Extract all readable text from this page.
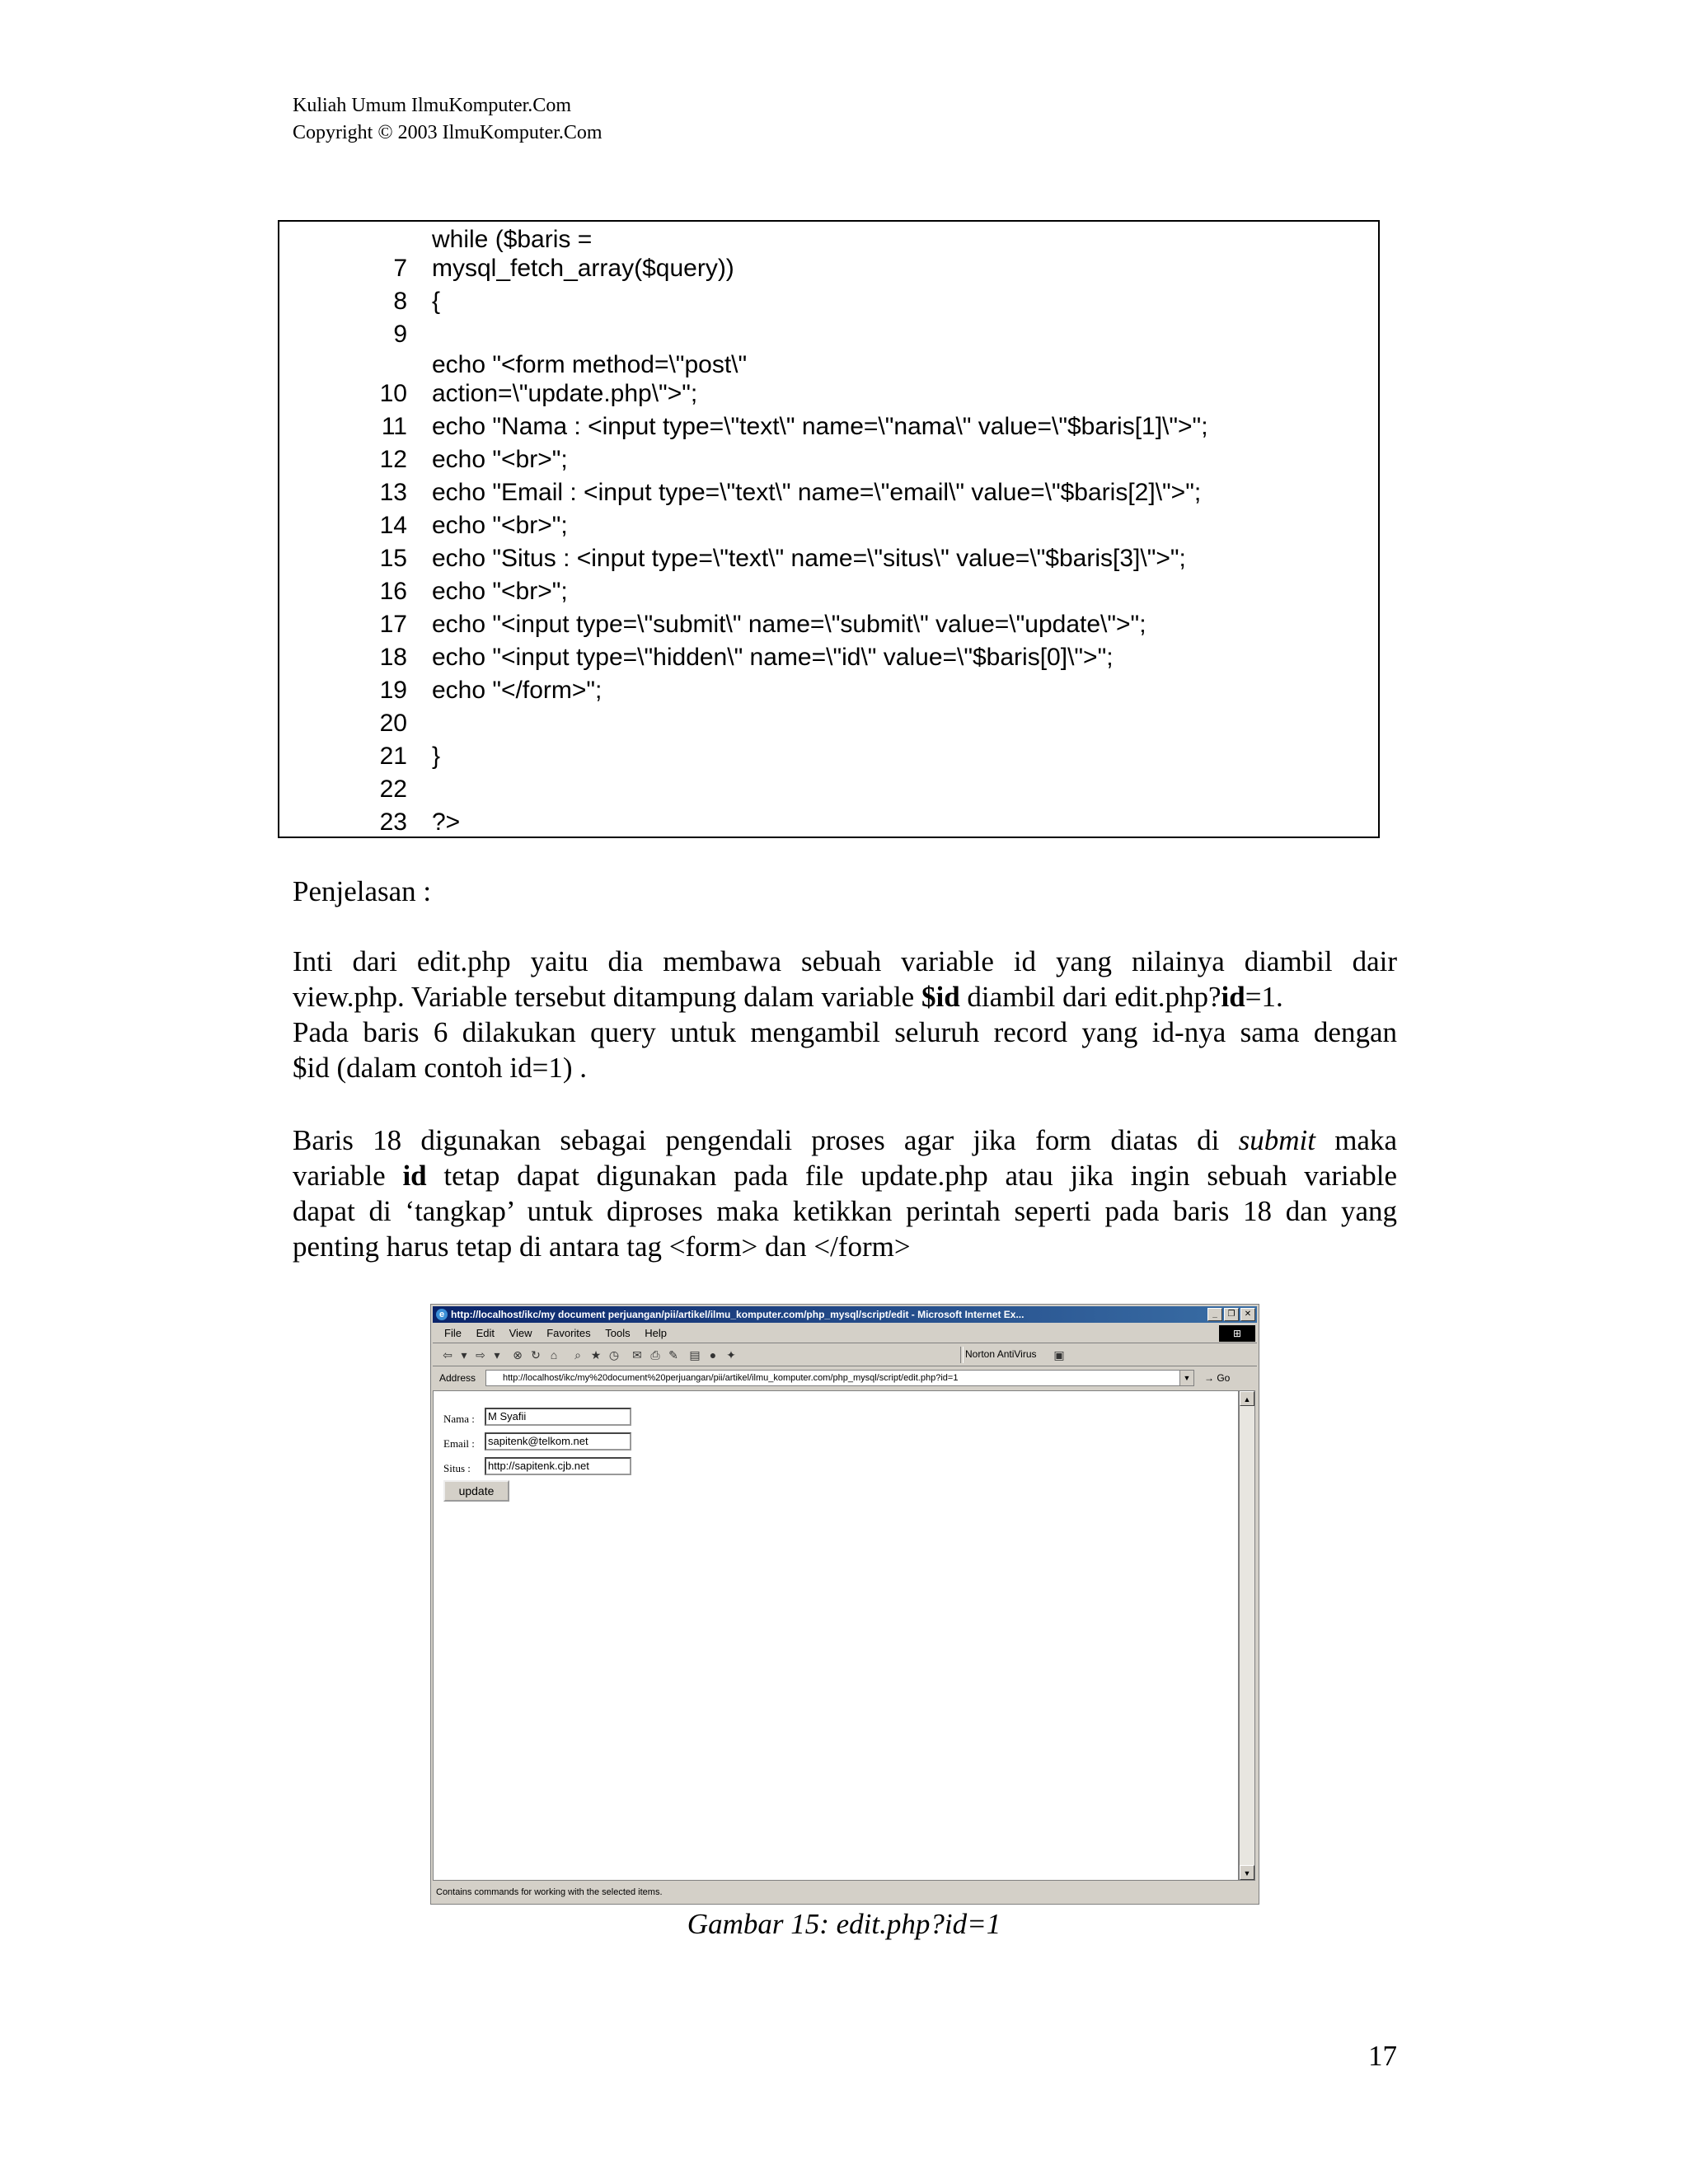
Kuliah Umum IlmuKomputer.Com
Copyright © 2003 IlmuKomputer.Com
while ($baris =
7 mysql_fetch_array($query))
8 {
9
echo "<form method=\"post\"
10 action=\"update.php\">";
11 echo "Nama : <input type=\"text\" name=\"nama\" value=\"$baris[1]\">";
12 echo "<br>";
13 echo "Email : <input type=\"text\" name=\"email\" value=\"$baris[2]\">";
14 echo "<br>";
15 echo "Situs : <input type=\"text\" name=\"situs\" value=\"$baris[3]\">";
16 echo "<br>";
17 echo "<input type=\"submit\" name=\"submit\" value=\"update\">";
18 echo "<input type=\"hidden\" name=\"id\" value=\"$baris[0]\">";
19 echo "</form>";
20
21 }
22
23 ?>
Penjelasan :
Inti dari edit.php yaitu dia membawa sebuah variable id yang nilainya diambil dair
view.php. Variable tersebut ditampung dalam variable $id diambil dari edit.php?id=1.
Pada baris 6 dilakukan query untuk mengambil seluruh record yang id-nya sama dengan
$id (dalam contoh id=1) .
Baris 18 digunakan sebagai pengendali proses agar jika form diatas di submit maka
variable id tetap dapat digunakan pada file update.php atau jika ingin sebuah variable
dapat di ‘tangkap’ untuk diproses maka ketikkan perintah seperti pada baris 18 dan yang
penting harus tetap di antara tag <form> dan </form>
e http://localhost/ikc/my document perjuangan/pii/artikel/ilmu_komputer.com/php_mysql/script/edit - Microsoft Internet Ex...	_	❐	✕
File Edit View Favorites Tools Help	⊞
⇦ ▾ ⇨ ▾	⊗ ↻ ⌂ ⌕ ★ ◷ ✉ ⎙ ✎ ▤ ● ✦	Norton AntiVirus ▣
Address	http://localhost/ikc/my%20document%20perjuangan/pii/artikel/ilmu_komputer.com/php_mysql/script/edit.php?id=1	▼ → Go
Nama :	M Syafii
Email :	sapitenk@telkom.net
Situs :	http://sapitenk.cjb.net
update
▲
▼
Contains commands for working with the selected items.
Gambar 15: edit.php?id=1
17
